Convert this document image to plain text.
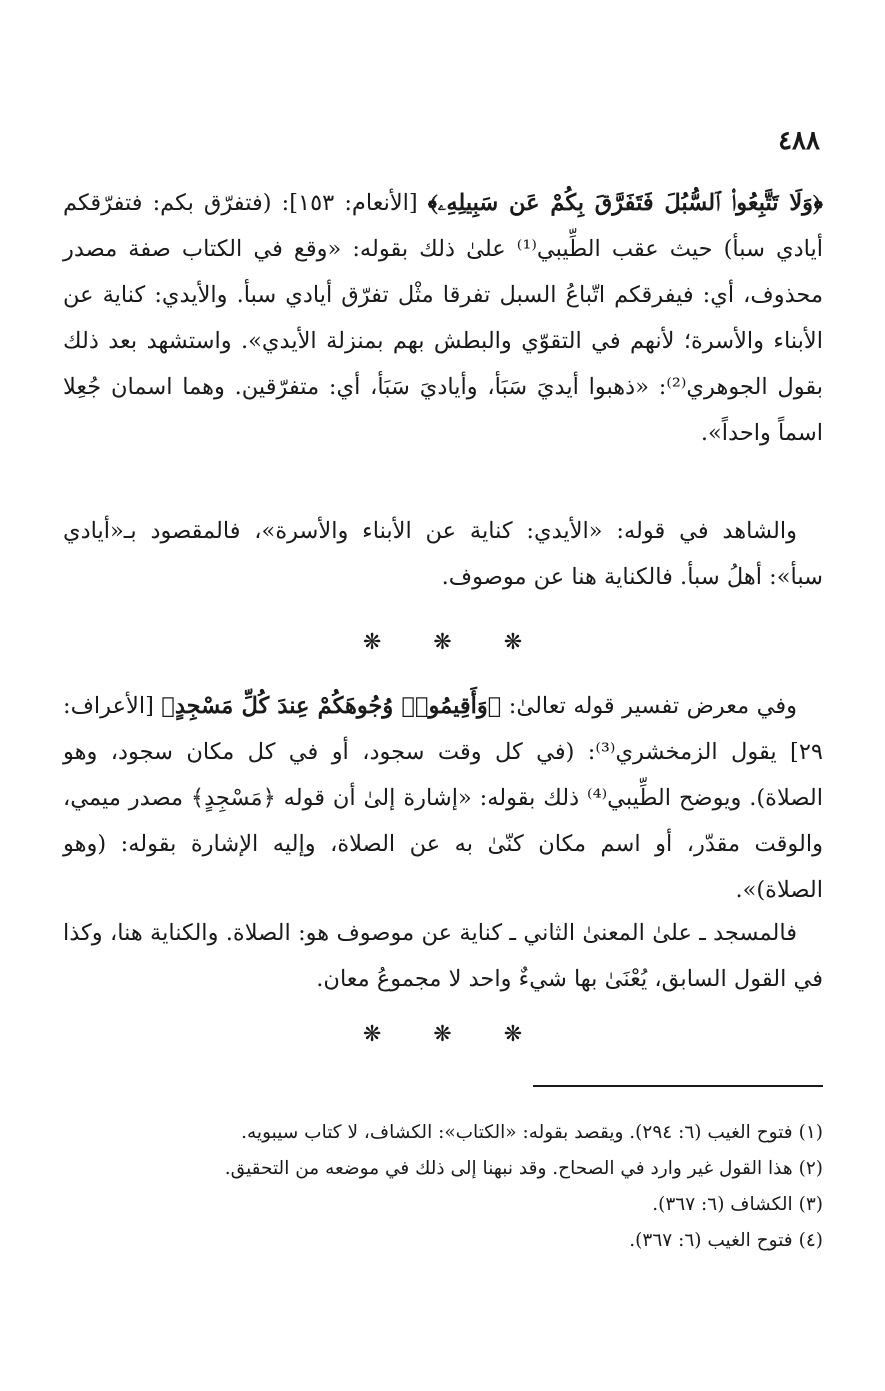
٤٨٨

﴿وَلَا تَتَّبِعُوا۟ ٱلسُّبُلَ فَتَفَرَّقَ بِكُمْ عَن سَبِيلِهِۦ﴾ [الأنعام: ١٥٣]: (فتفرّق بكم: فتفرّقكم أيادي سبأ) حيث عقب الطِّيبي⁽¹⁾ علىٰ ذلك بقوله: «وقع في الكتاب صفة مصدر محذوف، أي: فيفرقكم اتّباعُ السبل تفرقا مثْل تفرّق أيادي سبأ. والأيدي: كناية عن الأبناء والأسرة؛ لأنهم في التقوّي والبطش بهم بمنزلة الأيدي». واستشهد بعد ذلك بقول الجوهري⁽²⁾: «ذهبوا أيديَ سَبَأ، وأياديَ سَبَأ، أي: متفرّقين. وهما اسمان جُعِلا اسماً واحداً».

والشاهد في قوله: «الأيدي: كناية عن الأبناء والأسرة»، فالمقصود بـ«أيادي سبأ»: أهلُ سبأ. فالكناية هنا عن موصوف.

❋ ❋ ❋

وفي معرض تفسير قوله تعالىٰ: ﴿وَأَقِيمُوا۟ وُجُوهَكُمْ عِندَ كُلِّ مَسْجِدٍ﴾ [الأعراف: ٢٩] يقول الزمخشري⁽³⁾: (في كل وقت سجود، أو في كل مكان سجود، وهو الصلاة). ويوضح الطِّيبي⁽⁴⁾ ذلك بقوله: «إشارة إلىٰ أن قوله ﴿مَسْجِدٍ﴾ مصدر ميمي، والوقت مقدّر، أو اسم مكان كنّىٰ به عن الصلاة، وإليه الإشارة بقوله: (وهو الصلاة)».

فالمسجد ـ علىٰ المعنىٰ الثاني ـ كناية عن موصوف هو: الصلاة. والكناية هنا، وكذا في القول السابق، يُعْنَىٰ بها شيءٌ واحد لا مجموعُ معان.

❋ ❋ ❋

(١)فتوح الغيب (٦: ٢٩٤). ويقصد بقوله: «الكتاب»: الكشاف، لا كتاب سيبويه.

(٢)هذا القول غير وارد في الصحاح. وقد نبهنا إلى ذلك في موضعه من التحقيق.

(٣)الكشاف (٦: ٣٦٧).

(٤)فتوح الغيب (٦: ٣٦٧).
